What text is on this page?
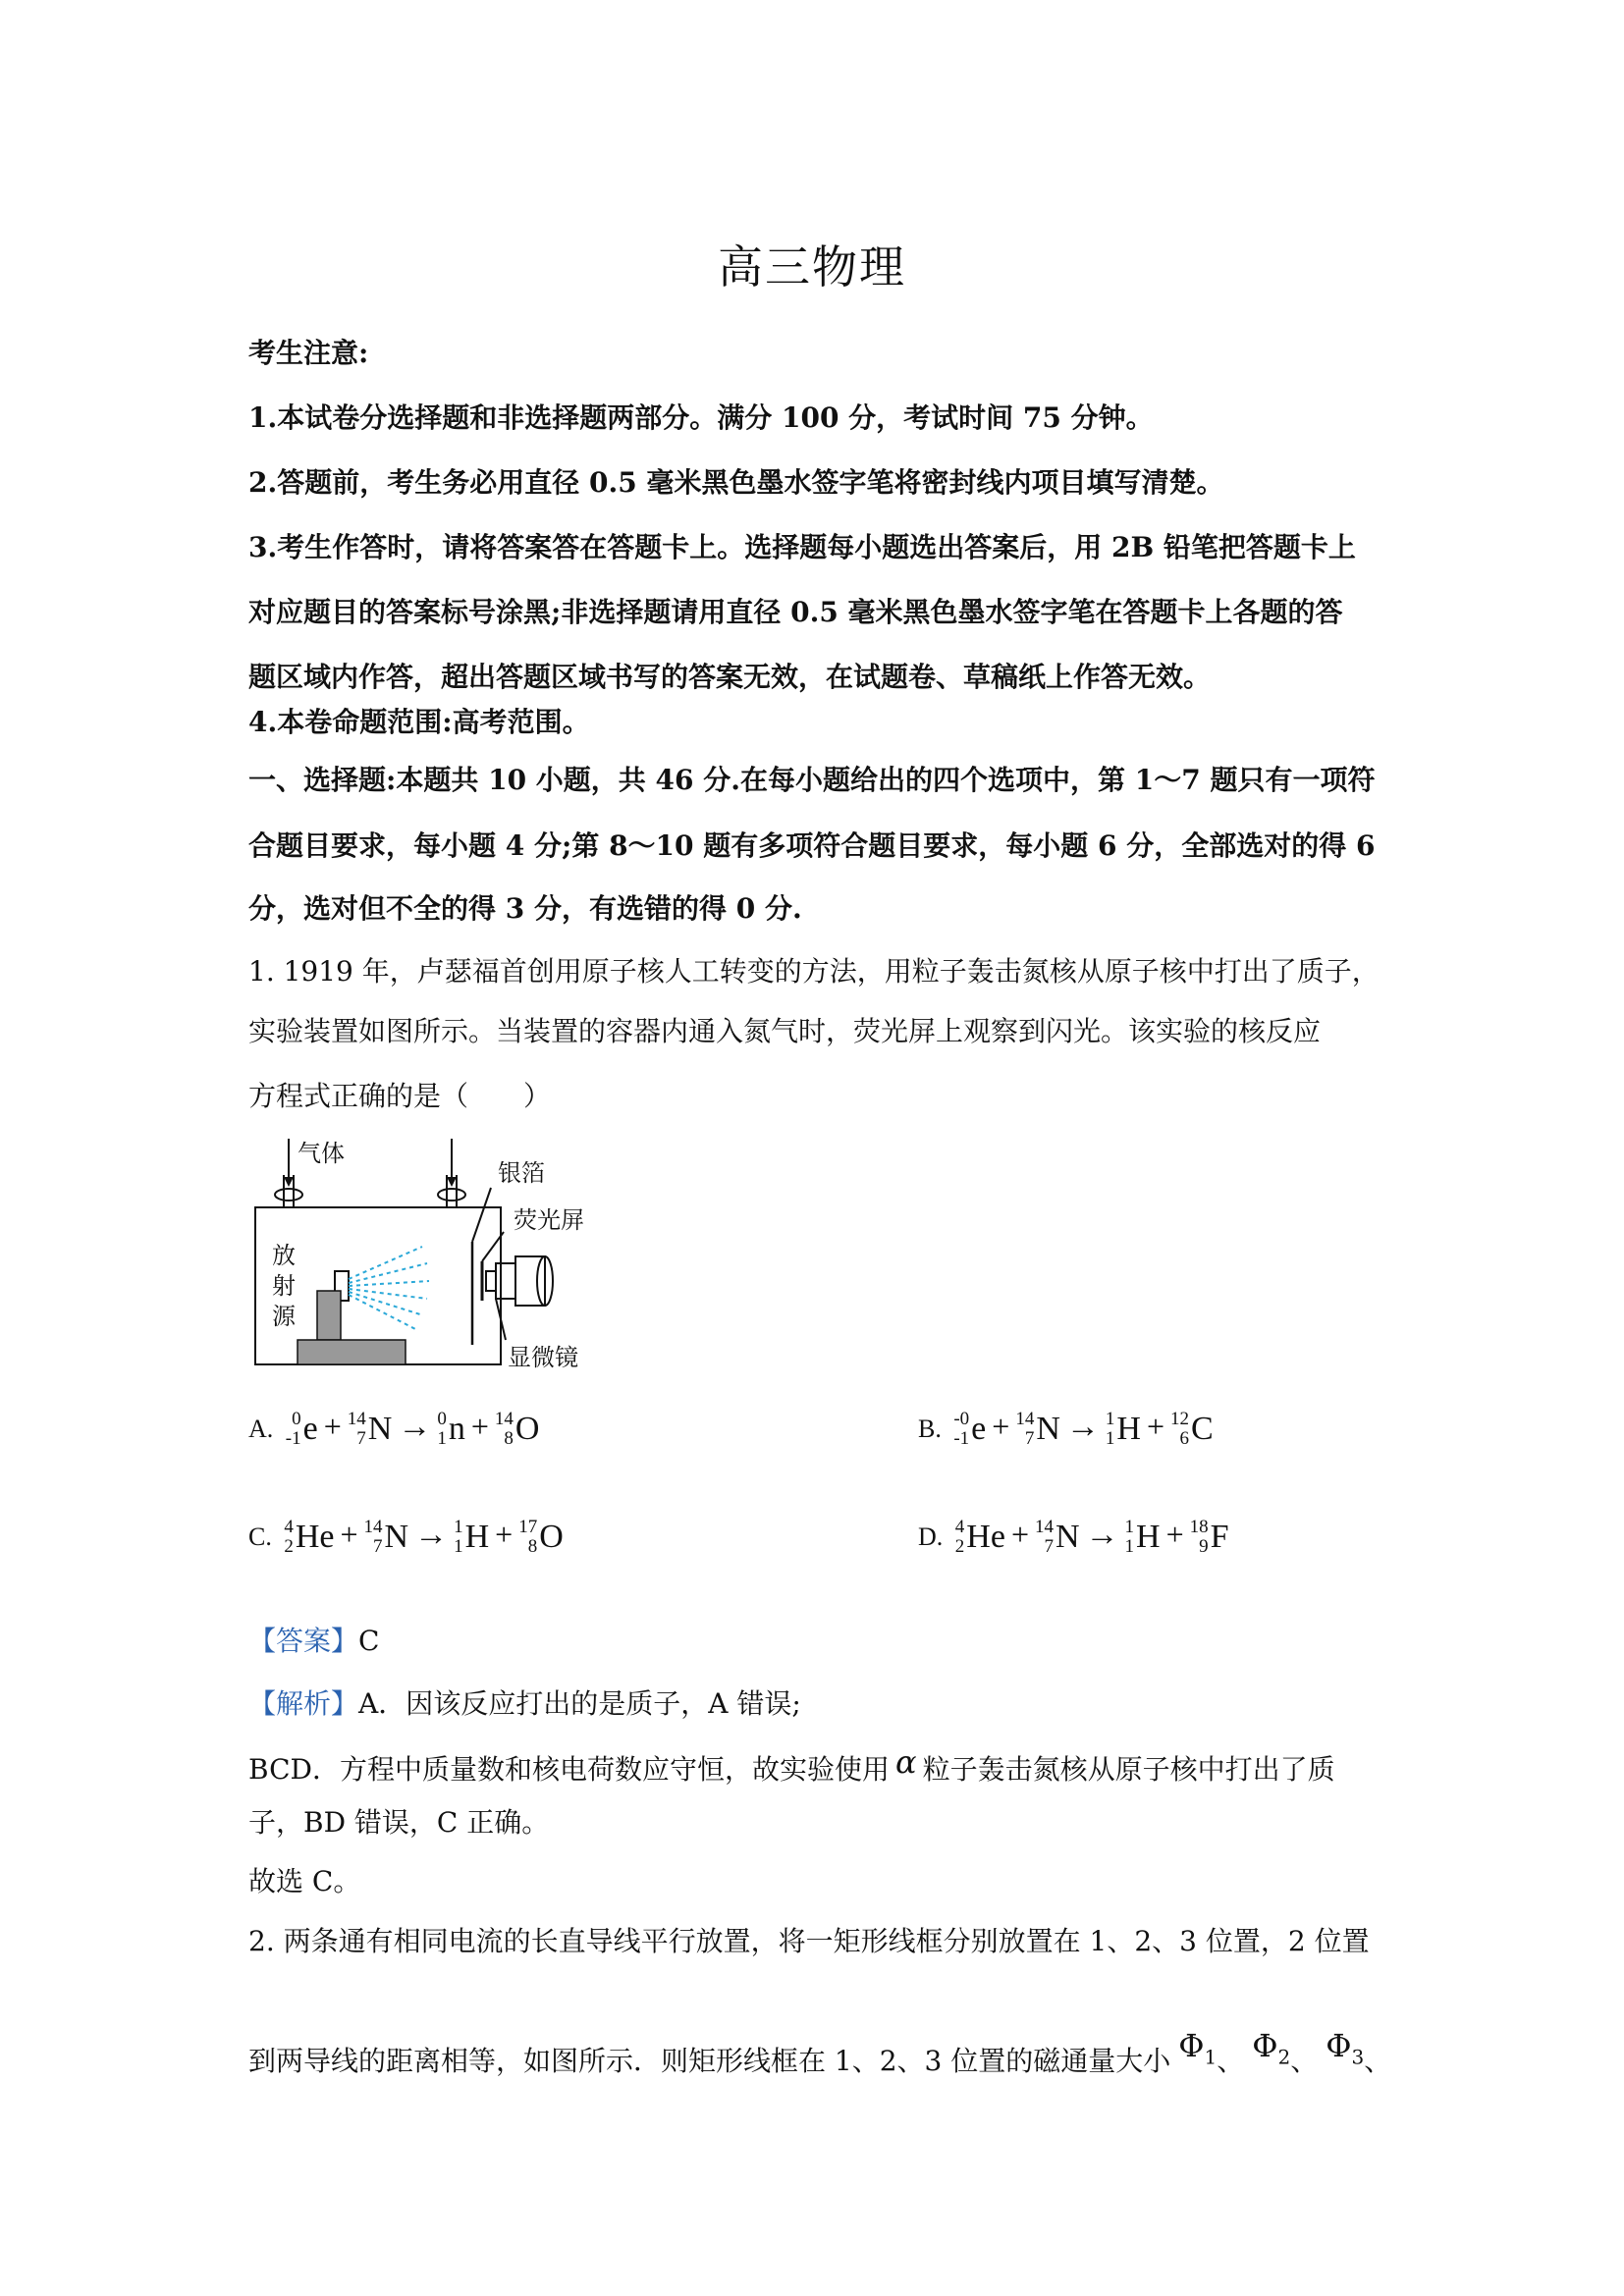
高三物理
考生注意:
1.本试卷分选择题和非选择题两部分。满分 100 分，考试时间 75 分钟。
2.答题前，考生务必用直径 0.5 毫米黑色墨水签字笔将密封线内项目填写清楚。
3.考生作答时，请将答案答在答题卡上。选择题每小题选出答案后，用 2B 铅笔把答题卡上
对应题目的答案标号涂黑;非选择题请用直径 0.5 毫米黑色墨水签字笔在答题卡上各题的答
题区域内作答，超出答题区域书写的答案无效，在试题卷、草稿纸上作答无效。
4.本卷命题范围:高考范围。
一、选择题:本题共 10 小题，共 46 分.在每小题给出的四个选项中，第 1～7 题只有一项符
合题目要求，每小题 4 分;第 8～10 题有多项符合题目要求，每小题 6 分，全部选对的得 6
分，选对但不全的得 3 分，有选错的得 0 分.
1. 1919 年，卢瑟福首创用原子核人工转变的方法，用粒子轰击氮核从原子核中打出了质子，
实验装置如图所示。当装置的容器内通入氮气时，荧光屏上观察到闪光。该实验的核反应
方程式正确的是（　　）
气体
银箔
荧光屏
放
射
源
显微镜
A. 0
-1 e + 14
7 N → 0
1 n + 14
8 O	B. -0
-1 e + 14
7 N → 1
1 H + 12
6 C
C. 4
2 He + 14
7 N → 1
1 H + 17
8 O	D. 4
2 He + 14
7 N → 1
1 H + 18
9 F
【答案】C
【解析】A．因该反应打出的是质子，A 错误;
BCD．方程中质量数和核电荷数应守恒，故实验使用 α 粒子轰击氮核从原子核中打出了质
子，BD 错误，C 正确。
故选 C。
2. 两条通有相同电流的长直导线平行放置，将一矩形线框分别放置在 1、2、3 位置，2 位置
到两导线的距离相等，如图所示．则矩形线框在 1、2、3 位置的磁通量大小 $\Phi_1$、 $\Phi_2$、 $\Phi_3$、
